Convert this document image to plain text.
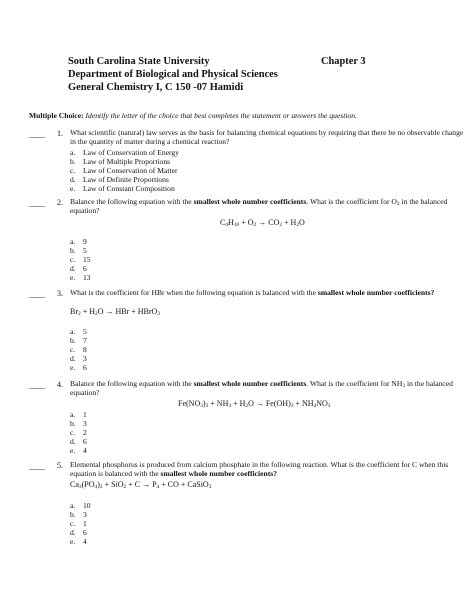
South Carolina State University	Chapter 3
Department of Biological and Physical Sciences
General Chemistry I, C 150 -07 Hamidi
Multiple Choice: Identify the letter of the choice that best completes the statement or answers the question.
____ 1. What scientific (natural) law serves as the basis for balancing chemical equations by requiring that there be no observable change in the quantity of matter during a chemical reaction?
a. Law of Conservation of Energy
b. Law of Multiple Proportions
c. Law of Conservation of Matter
d. Law of Definite Proportions
e. Law of Constant Composition
____ 2. Balance the following equation with the smallest whole number coefficients. What is the coefficient for $O_2$ in the balanced equation?
$C_4H_{10} + O_2 \to CO_2 + H_2O$
a. 9
b. 5
c. 15
d. 6
e. 13
____ 3. What is the coefficient for HBr when the following equation is balanced with the smallest whole number coefficients?
$Br_2 + H_2O$ → HBr + HBrO$_3$
a. 5
b. 7
c. 8
d. 3
e. 6
____ 4. Balance the following equation with the smallest whole number coefficients. What is the coefficient for $NH_3$ in the balanced equation?
$Fe(NO_3)_3 + NH_3 + H_2O \to Fe(OH)_3 + NH_4NO_3$
a. 1
b. 3
c. 2
d. 6
e. 4
____ 5. Elemental phosphorus is produced from calcium phosphate in the following reaction. What is the coefficient for C when this equation is balanced with the smallest whole number coefficients?
$Ca_3(PO_4)_2 + SiO_2 + C \to P_4$ + CO + CaSiO$_3$
a. 10
b. 3
c. 1
d. 6
e. 4
